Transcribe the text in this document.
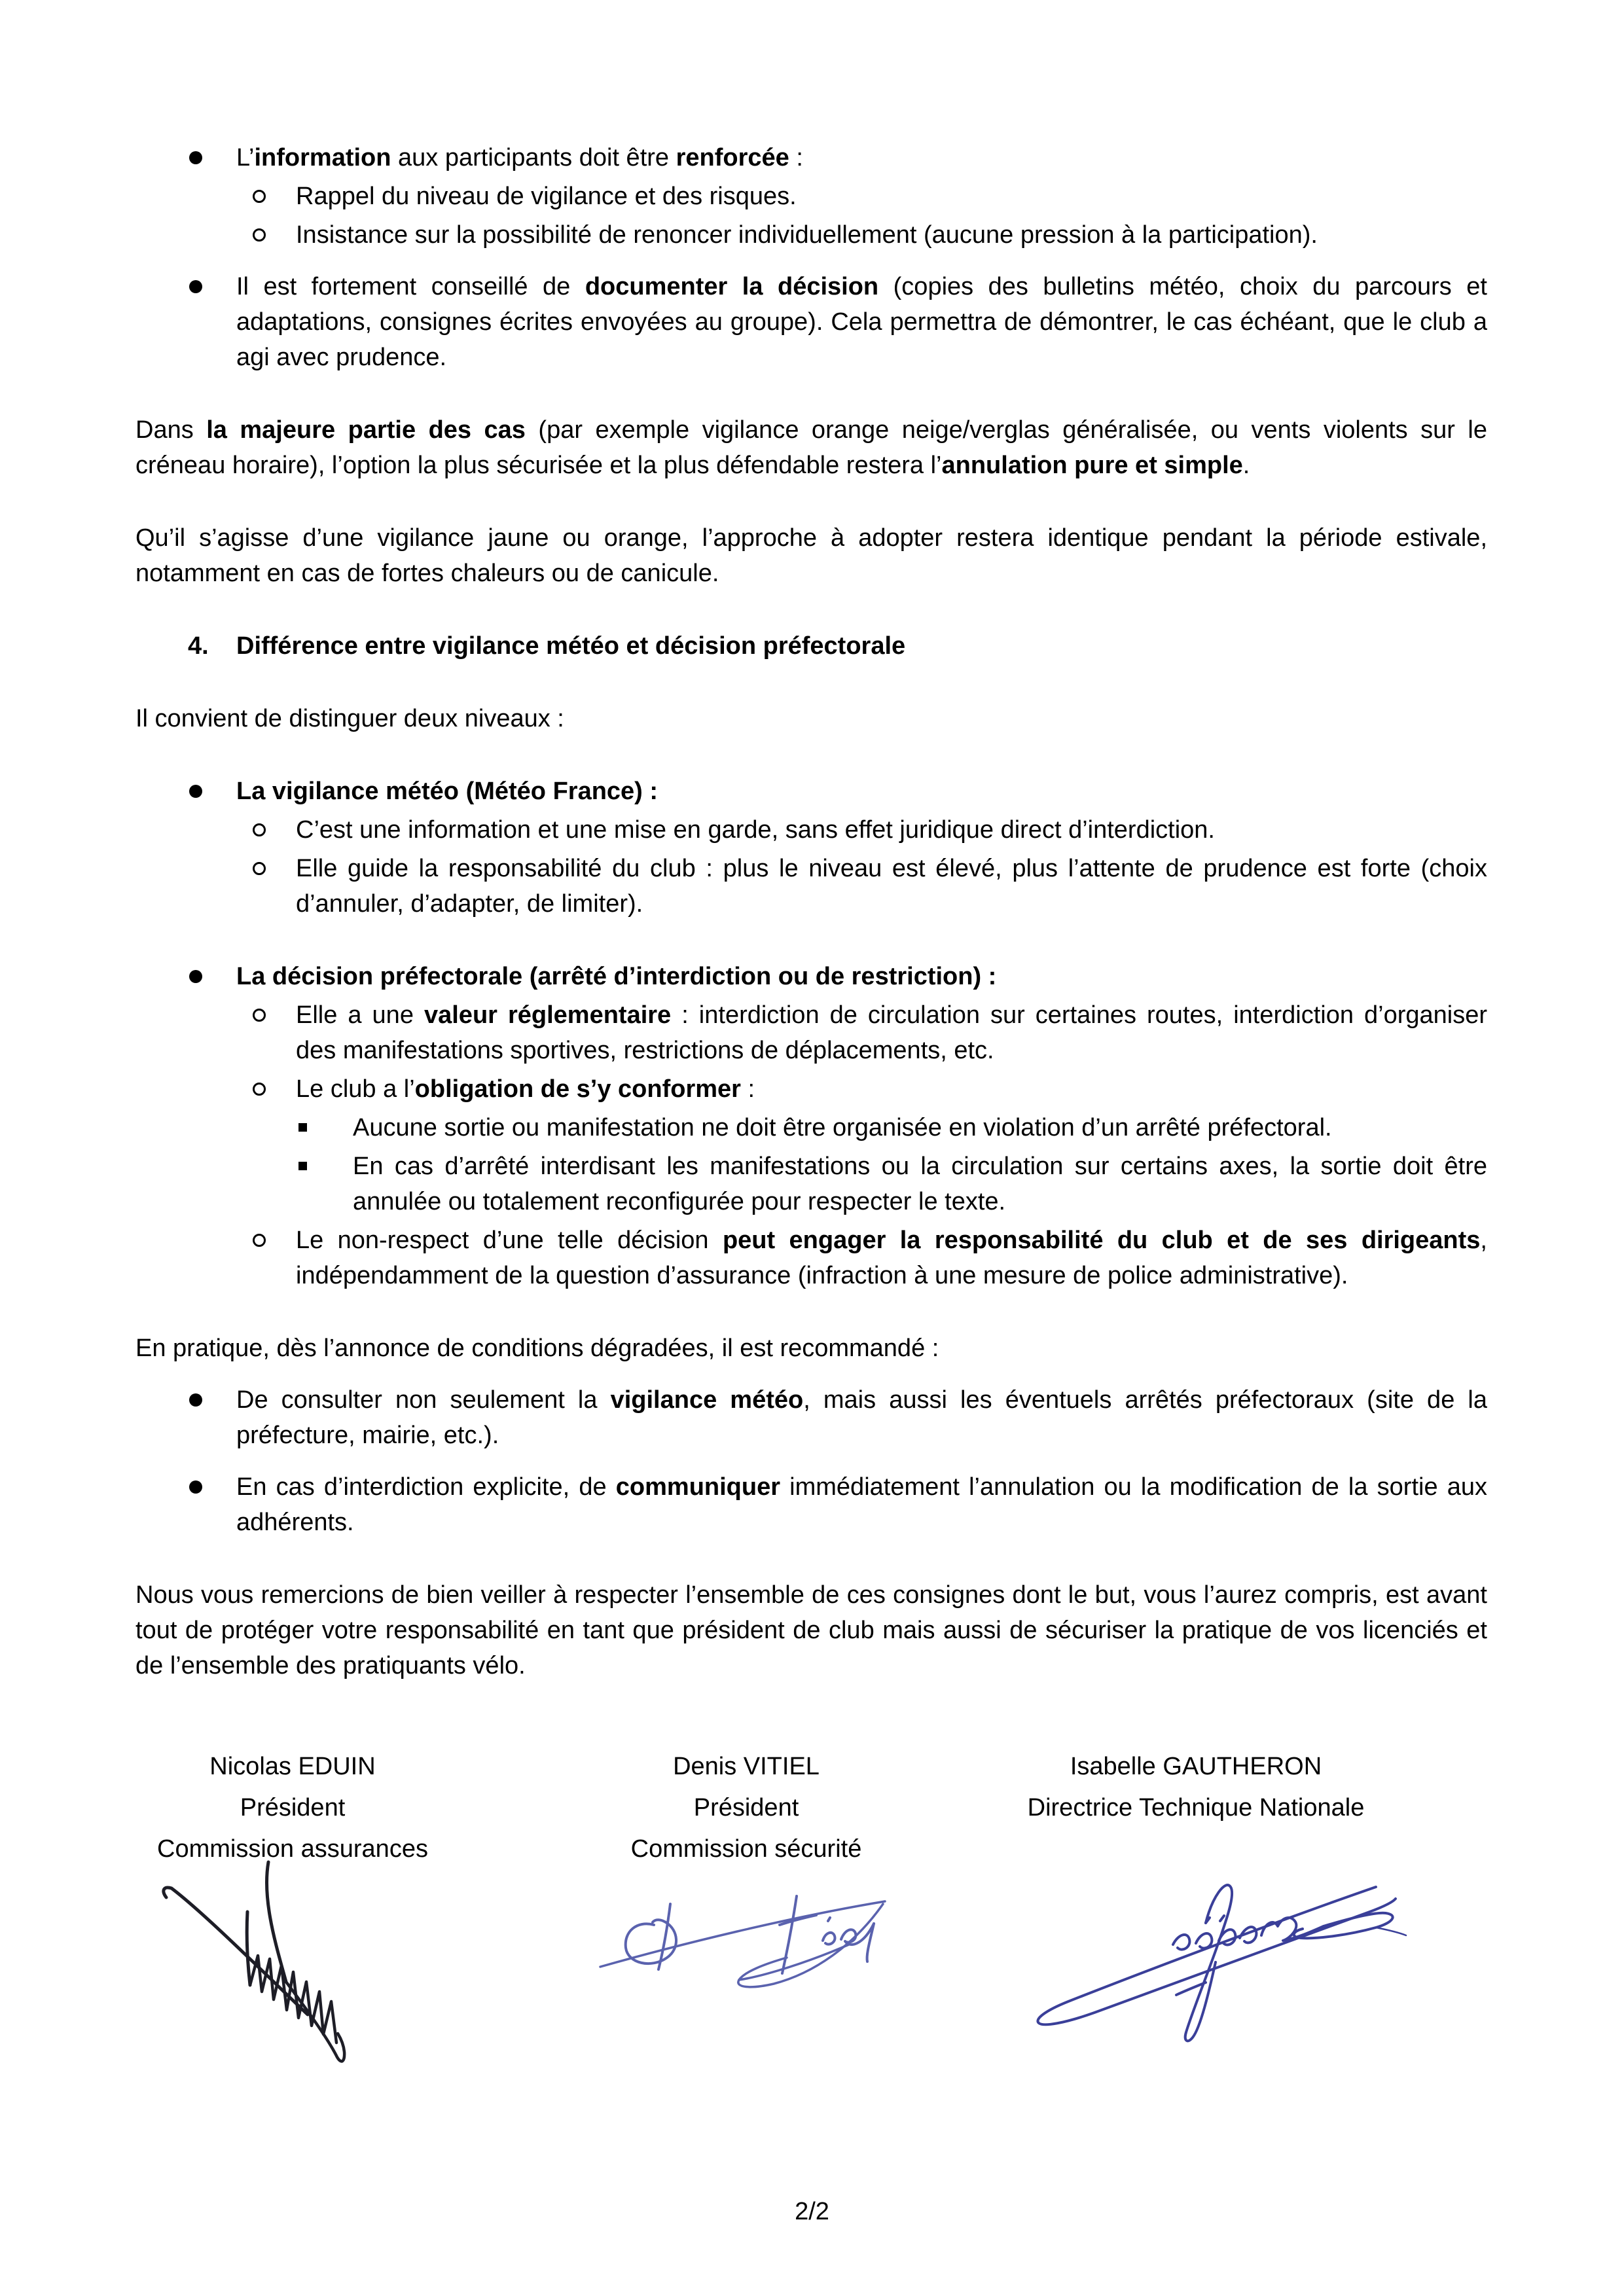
L’information aux participants doit être renforcée :
Rappel du niveau de vigilance et des risques.
Insistance sur la possibilité de renoncer individuellement (aucune pression à la participation).
Il est fortement conseillé de documenter la décision (copies des bulletins météo, choix du parcours et adaptations, consignes écrites envoyées au groupe). Cela permettra de démontrer, le cas échéant, que le club a agi avec prudence.
Dans la majeure partie des cas (par exemple vigilance orange neige/verglas généralisée, ou vents violents sur le créneau horaire), l’option la plus sécurisée et la plus défendable restera l’annulation pure et simple.
Qu’il s’agisse d’une vigilance jaune ou orange, l’approche à adopter restera identique pendant la période estivale, notamment en cas de fortes chaleurs ou de canicule.
4. Différence entre vigilance météo et décision préfectorale
Il convient de distinguer deux niveaux :
La vigilance météo (Météo France) :
C’est une information et une mise en garde, sans effet juridique direct d’interdiction.
Elle guide la responsabilité du club : plus le niveau est élevé, plus l’attente de prudence est forte (choix d’annuler, d’adapter, de limiter).
La décision préfectorale (arrêté d’interdiction ou de restriction) :
Elle a une valeur réglementaire : interdiction de circulation sur certaines routes, interdiction d’organiser des manifestations sportives, restrictions de déplacements, etc.
Le club a l’obligation de s’y conformer :
Aucune sortie ou manifestation ne doit être organisée en violation d’un arrêté préfectoral.
En cas d’arrêté interdisant les manifestations ou la circulation sur certains axes, la sortie doit être annulée ou totalement reconfigurée pour respecter le texte.
Le non-respect d’une telle décision peut engager la responsabilité du club et de ses dirigeants, indépendamment de la question d’assurance (infraction à une mesure de police administrative).
En pratique, dès l’annonce de conditions dégradées, il est recommandé :
De consulter non seulement la vigilance météo, mais aussi les éventuels arrêtés préfectoraux (site de la préfecture, mairie, etc.).
En cas d’interdiction explicite, de communiquer immédiatement l’annulation ou la modification de la sortie aux adhérents.
Nous vous remercions de bien veiller à respecter l’ensemble de ces consignes dont le but, vous l’aurez compris, est avant tout de protéger votre responsabilité en tant que président de club mais aussi de sécuriser la pratique de vos licenciés et de l’ensemble des pratiquants vélo.
Nicolas EDUIN
Président
Commission assurances
Denis VITIEL
Président
Commission sécurité
Isabelle GAUTHERON
Directrice Technique Nationale
2/2
